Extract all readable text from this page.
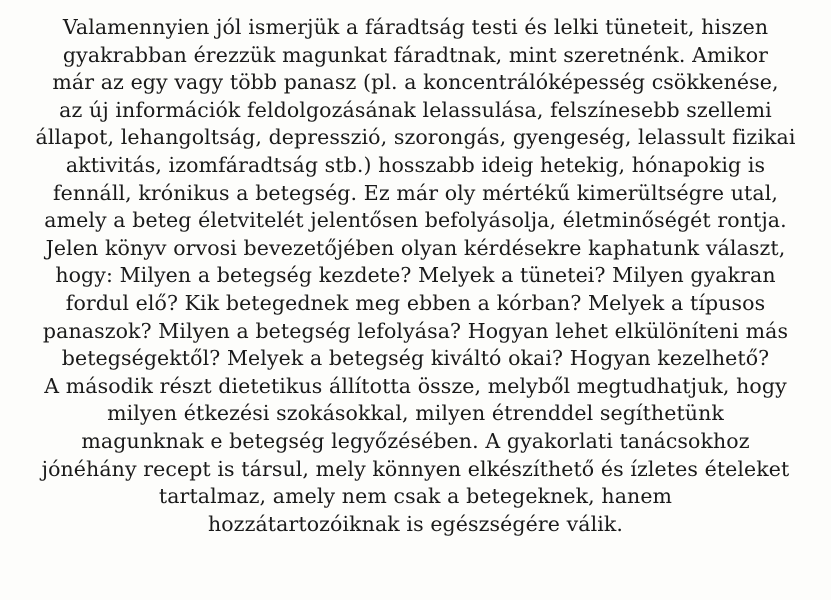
Valamennyien jól ismerjük a fáradtság testi és lelki tüneteit, hiszen
gyakrabban érezzük magunkat fáradtnak, mint szeretnénk. Amikor
már az egy vagy több panasz (pl. a koncentrálóképesség csökkenése,
az új információk feldolgozásának lelassulása, felszínesebb szellemi
állapot, lehangoltság, depresszió, szorongás, gyengeség, lelassult fizikai
aktivitás, izomfáradtság stb.) hosszabb ideig hetekig, hónapokig is
fennáll, krónikus a betegség. Ez már oly mértékű kimerültségre utal,
amely a beteg életvitelét jelentősen befolyásolja, életminőségét rontja.
Jelen könyv orvosi bevezetőjében olyan kérdésekre kaphatunk választ,
hogy: Milyen a betegség kezdete? Melyek a tünetei? Milyen gyakran
fordul elő? Kik betegednek meg ebben a kórban? Melyek a típusos
panaszok? Milyen a betegség lefolyása? Hogyan lehet elkülöníteni más
betegségektől? Melyek a betegség kiváltó okai? Hogyan kezelhető?
A második részt dietetikus állította össze, melyből megtudhatjuk, hogy
milyen étkezési szokásokkal, milyen étrenddel segíthetünk
magunknak e betegség legyőzésében. A gyakorlati tanácsokhoz
jónéhány recept is társul, mely könnyen elkészíthető és ízletes ételeket
tartalmaz, amely nem csak a betegeknek, hanem
hozzátartozóiknak is egészségére válik.
